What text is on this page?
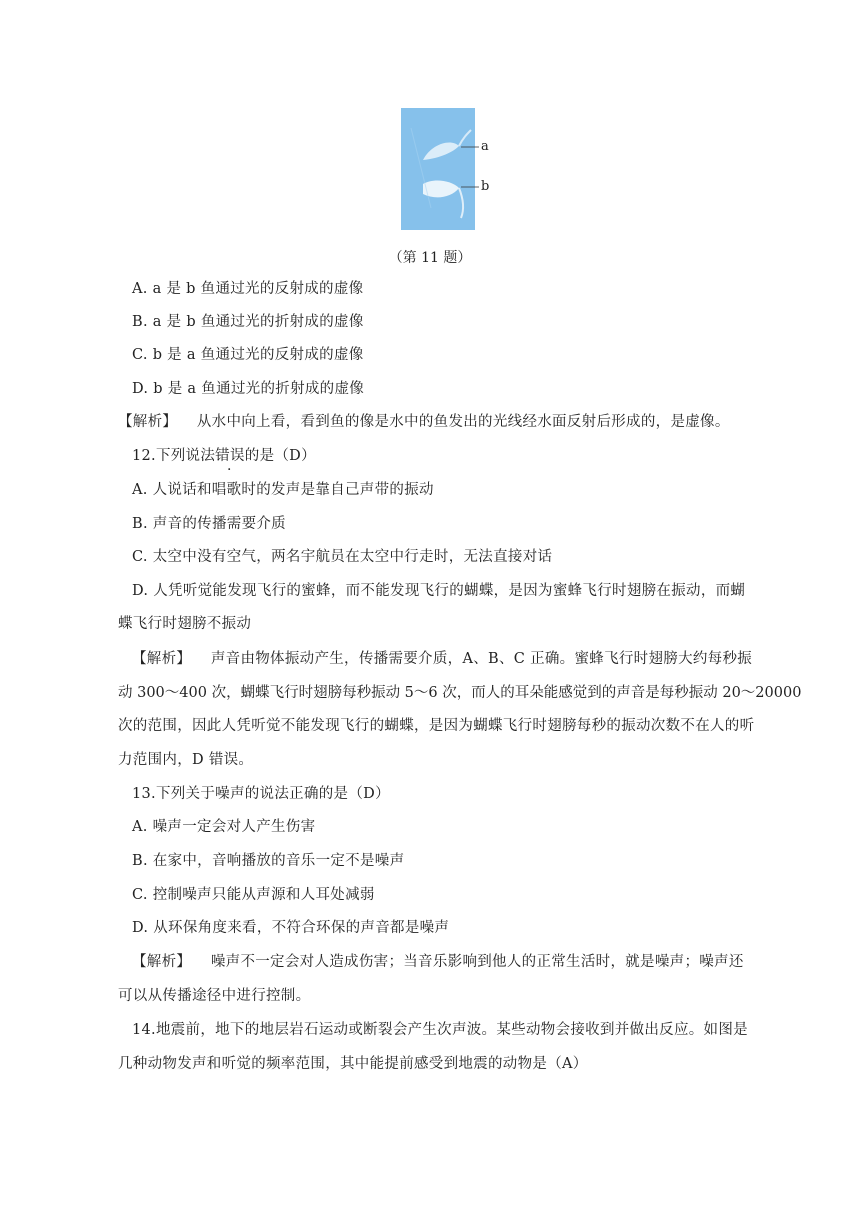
a
b
（第 11 题）
A. a 是 b 鱼通过光的反射成的虚像
B. a 是 b 鱼通过光的折射成的虚像
C. b 是 a 鱼通过光的反射成的虚像
D. b 是 a 鱼通过光的折射成的虚像
【解析】 从水中向上看，看到鱼的像是水中的鱼发出的光线经水面反射后形成的，是虚像。
12.下列说法错误的是（D）
A. 人说话和唱歌时的发声是靠自己声带的振动
B. 声音的传播需要介质
C. 太空中没有空气，两名宇航员在太空中行走时，无法直接对话
D. 人凭听觉能发现飞行的蜜蜂，而不能发现飞行的蝴蝶，是因为蜜蜂飞行时翅膀在振动，而蝴
蝶飞行时翅膀不振动
【解析】 声音由物体振动产生，传播需要介质，A、B、C 正确。蜜蜂飞行时翅膀大约每秒振
动 300～400 次，蝴蝶飞行时翅膀每秒振动 5～6 次，而人的耳朵能感觉到的声音是每秒振动 20～20000
次的范围，因此人凭听觉不能发现飞行的蝴蝶，是因为蝴蝶飞行时翅膀每秒的振动次数不在人的听
力范围内，D 错误。
13.下列关于噪声的说法正确的是（D）
A. 噪声一定会对人产生伤害
B. 在家中，音响播放的音乐一定不是噪声
C. 控制噪声只能从声源和人耳处减弱
D. 从环保角度来看，不符合环保的声音都是噪声
【解析】 噪声不一定会对人造成伤害；当音乐影响到他人的正常生活时，就是噪声；噪声还
可以从传播途径中进行控制。
14.地震前，地下的地层岩石运动或断裂会产生次声波。某些动物会接收到并做出反应。如图是
几种动物发声和听觉的频率范围，其中能提前感受到地震的动物是（A）
